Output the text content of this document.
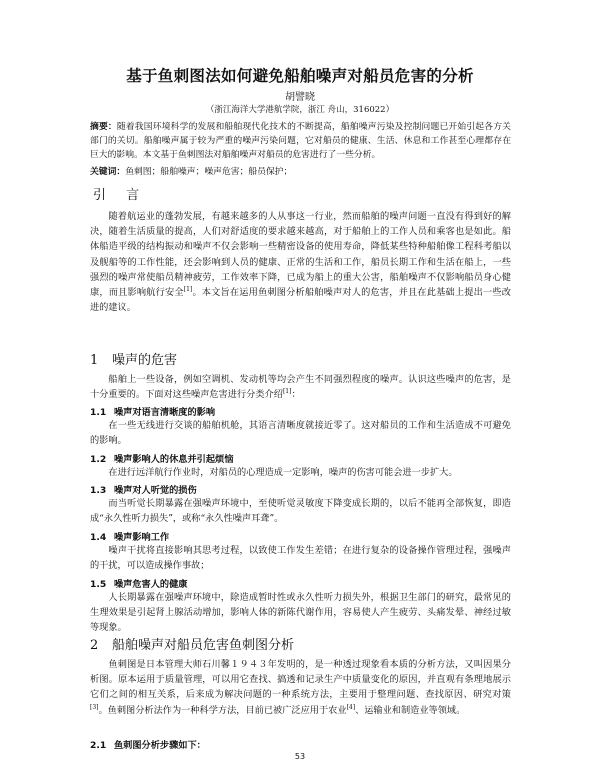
基于鱼刺图法如何避免船舶噪声对船员危害的分析
胡譬晓
（浙江海洋大学港航学院，浙江 舟山，316022）
摘要：随着我国环境科学的发展和船舶现代化技术的不断提高，船舶噪声污染及控制问题已开始引起各方关部门的关切。船舶噪声属于较为严重的噪声污染问题，它对船员的健康、生活、休息和工作甚至心理都存在巨大的影响。本文基于鱼刺图法对船舶噪声对船员的危害进行了一些分析。
关键词：鱼刺图；船舶噪声；噪声危害；船员保护；
引 言
随着航运业的蓬勃发展，有越来越多的人从事这一行业，然而船舶的噪声问题一直没有得到好的解决，随着生活质量的提高，人们对舒适度的要求越来越高，对于船舶上的工作人员和乘客也是如此。船体船造平级的结构振动和噪声不仅会影响一些精密设备的使用寿命，降低某些特种船舶像工程科考船以及舰船等的工作性能，还会影响到人员的健康、正常的生活和工作，船员长期工作和生活在船上，一些强烈的噪声常使船员精神疲劳，工作效率下降，已成为船上的重大公害，船舶噪声不仅影响船员身心健康，而且影响航行安全[1]。本文旨在运用鱼刺图分析船舶噪声对人的危害，并且在此基础上提出一些改进的建议。
1 噪声的危害
船舶上一些设备，例如空调机、发动机等均会产生不同强烈程度的噪声。认识这些噪声的危害，是十分重要的。下面对这些噪声危害进行分类介绍[1]：
1.1 噪声对语言清晰度的影响
在一些无线进行交谈的船舶机舱，其语言清晰度就接近零了。这对船员的工作和生活造成不可避免的影响。
1.2 噪声影响人的休息并引起烦恼
在进行远洋航行作业时，对船员的心理造成一定影响，噪声的伤害可能会进一步扩大。
1.3 噪声对人听觉的损伤
而当听觉长期暴露在强噪声环境中，至使听觉灵敏度下降变成长期的，以后不能再全部恢复，即造成“永久性听力损失”，或称“永久性噪声耳聋”。
1.4 噪声影响工作
噪声干扰将直接影响其思考过程，以致使工作发生差错；在进行复杂的设备操作管理过程，强噪声的干扰，可以造成操作事故；
1.5 噪声危害人的健康
人长期暴露在强噪声环境中，除造成暂时性或永久性听力损失外，根据卫生部门的研究，最常见的生理效果是引起肾上腺活动增加，影响人体的新陈代谢作用，容易使人产生疲劳、头痛发晕、神经过敏等现象。
2 船舶噪声对船员危害鱼刺图分析
鱼刺图是日本管理大师石川馨１９４３年发明的，是一种透过现象看本质的分析方法，又叫因果分析图。原本运用于质量管理，可以用它查找、搞透和记录生产中质量变化的原因，并直观有条理地展示它们之间的相互关系，后来成为解决问题的一种系统方法，主要用于整理问题、查找原因、研究对策[3]。鱼刺图分析法作为一种科学方法，目前已被广泛应用于农业[4]、运输业和制造业等领域。
2.1 鱼刺图分析步骤如下：
53
